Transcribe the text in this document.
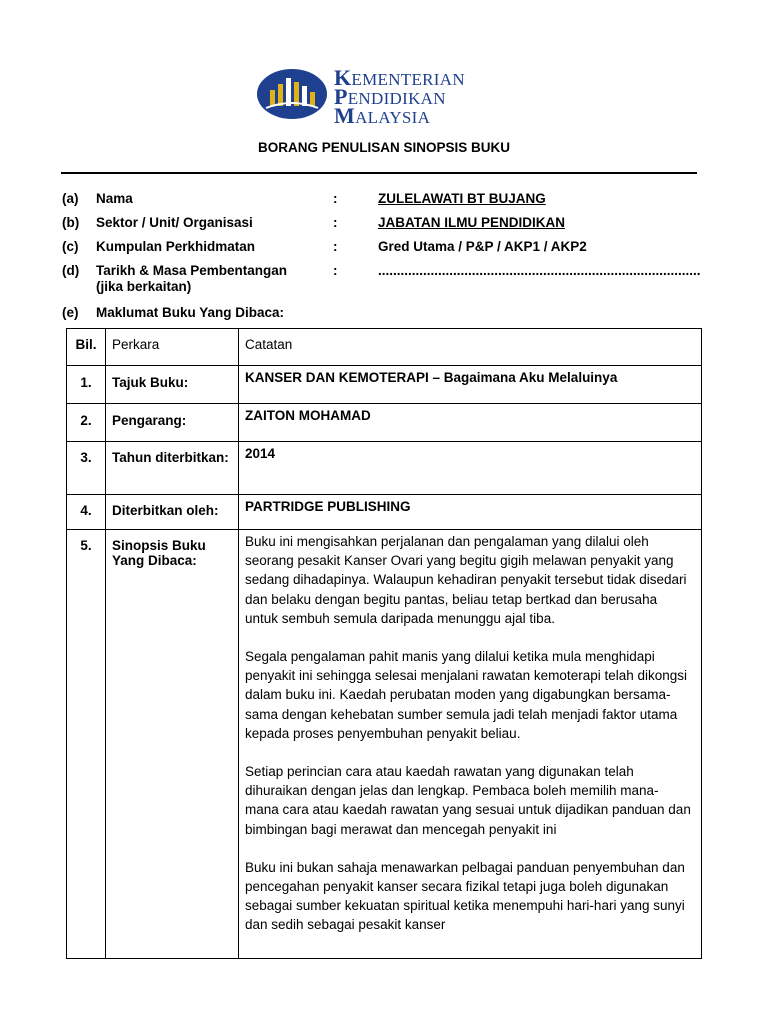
KEMENTERIAN
PENDIDIKAN
MALAYSIA
BORANG PENULISAN SINOPSIS BUKU
(a) Nama	:	ZULELAWATI BT BUJANG
(b) Sektor / Unit/ Organisasi	:	JABATAN ILMU PENDIDIKAN
(c) Kumpulan Perkhidmatan	:	Gred Utama / P&P / AKP1 / AKP2
(d) Tarikh & Masa Pembentangan
(jika berkaitan)
:	......................................................................................
(e) Maklumat Buku Yang Dibaca:
Bil.	Perkara	Catatan
1.	Tajuk Buku:	KANSER DAN KEMOTERAPI – Bagaimana Aku Melaluinya
2.	Pengarang:	ZAITON MOHAMAD
3.	Tahun diterbitkan:	2014
4.	Diterbitkan oleh:	PARTRIDGE PUBLISHING
5.	Sinopsis Buku Yang Dibaca:	Buku ini mengisahkan perjalanan dan pengalaman yang dilalui oleh seorang pesakit Kanser Ovari yang begitu gigih melawan penyakit yang sedang dihadapinya. Walaupun kehadiran penyakit tersebut tidak disedari dan belaku dengan begitu pantas, beliau tetap bertkad dan berusaha untuk sembuh semula daripada menunggu ajal tiba.

Segala pengalaman pahit manis yang dilalui ketika mula menghidapi penyakit ini sehingga selesai menjalani rawatan kemoterapi telah dikongsi dalam buku ini. Kaedah perubatan moden yang digabungkan bersama-sama dengan kehebatan sumber semula jadi telah menjadi faktor utama kepada proses penyembuhan penyakit beliau.

Setiap perincian cara atau kaedah rawatan yang digunakan telah dihuraikan dengan jelas dan lengkap. Pembaca boleh memilih mana-mana cara atau kaedah rawatan yang sesuai untuk dijadikan panduan dan bimbingan bagi merawat dan mencegah penyakit ini

Buku ini bukan sahaja menawarkan pelbagai panduan penyembuhan dan pencegahan penyakit kanser secara fizikal tetapi juga boleh digunakan sebagai sumber kekuatan spiritual ketika menempuhi hari-hari yang sunyi dan sedih sebagai pesakit kanser
